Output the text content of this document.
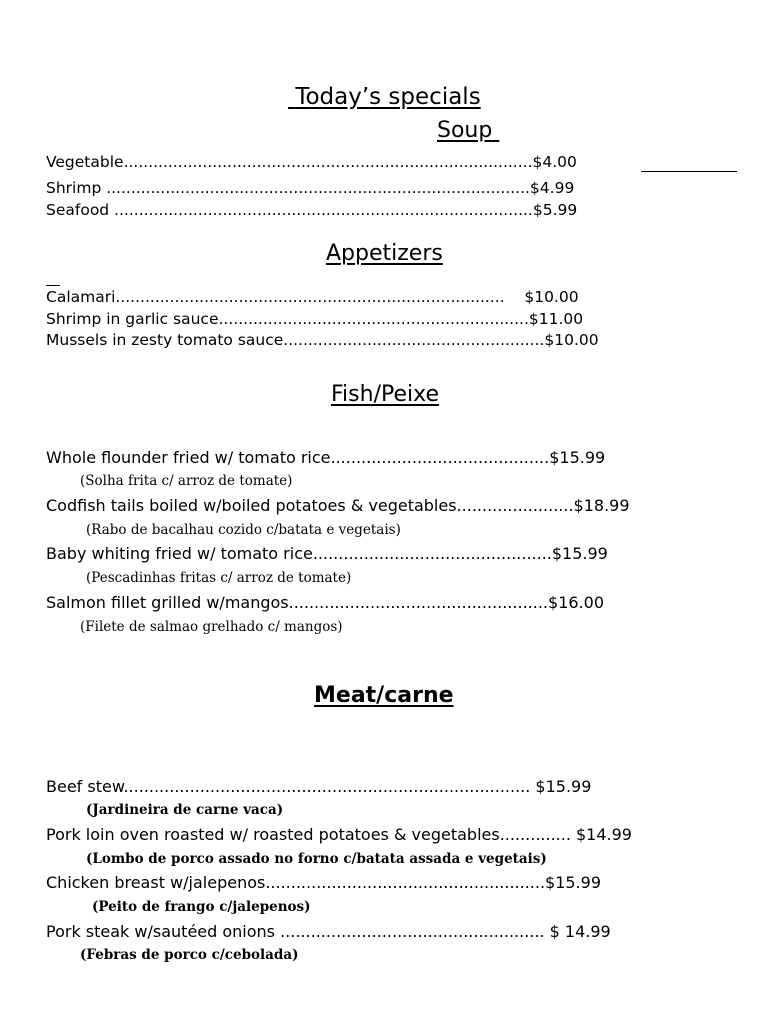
Today’s specials
Soup
Vegetable...................................................................................$4.00
Shrimp ......................................................................................$4.99
Seafood .....................................................................................$5.99
Appetizers
Calamari...............................................................................    $10.00
Shrimp in garlic sauce...............................................................$11.00
Mussels in zesty tomato sauce.....................................................$10.00
Fish/Peixe
Whole flounder fried w/ tomato rice...........................................$15.99
(Solha frita c/ arroz de tomate)
Codfish tails boiled w/boiled potatoes & vegetables.......................$18.99
(Rabo de bacalhau cozido c/batata e vegetais)
Baby whiting fried w/ tomato rice...............................................$15.99
(Pescadinhas fritas c/ arroz de tomate)
Salmon fillet grilled w/mangos...................................................$16.00
(Filete de salmao grelhado c/ mangos)
Meat/carne
Beef stew................................................................................ $15.99
(Jardineira de carne vaca)
Pork loin oven roasted w/ roasted potatoes & vegetables.............. $14.99
(Lombo de porco assado no forno c/batata assada e vegetais)
Chicken breast w/jalepenos.......................................................$15.99
(Peito de frango c/jalepenos)
Pork steak w/sautéed onions .................................................... $ 14.99
(Febras de porco c/cebolada)
